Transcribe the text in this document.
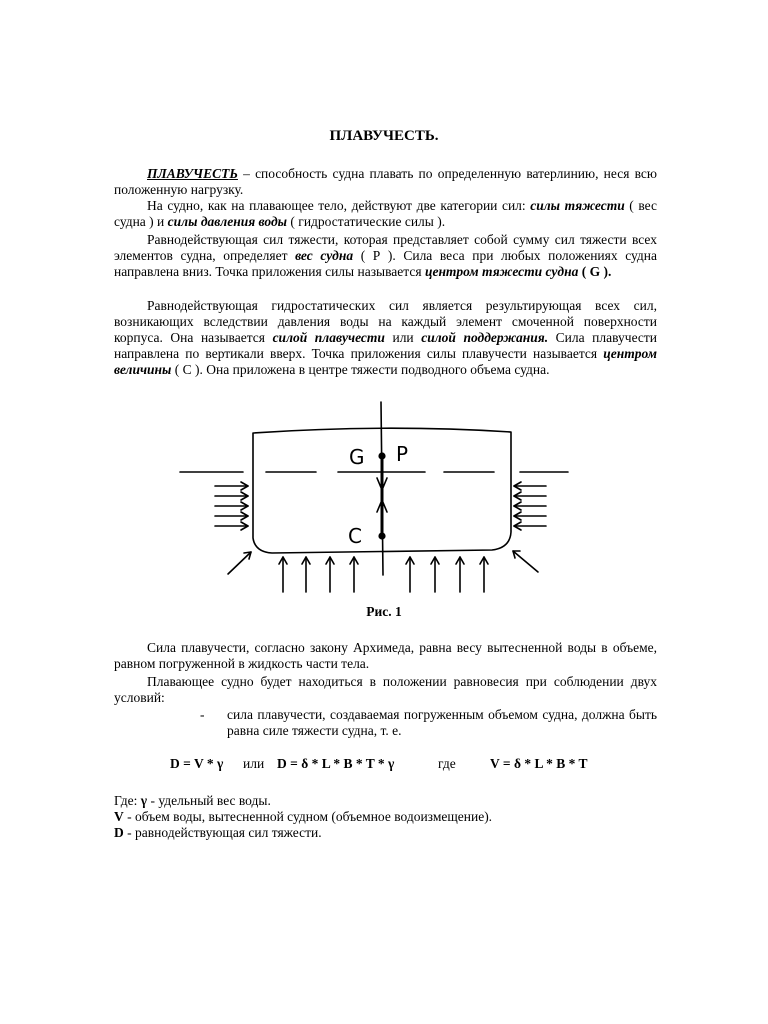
ПЛАВУЧЕСТЬ.
ПЛАВУЧЕСТЬ – способность судна плавать по определенную ватерлинию, неся всю положенную нагрузку.
На судно, как на плавающее тело, действуют две категории сил: силы тяжести ( вес судна ) и силы давления воды ( гидростатические силы ).
Равнодействующая сил тяжести, которая представляет собой сумму сил тяжести всех элементов судна, определяет вес судна ( Р ). Сила веса при любых положениях судна направлена вниз. Точка приложения силы называется центром тяжести судна ( G ).
Равнодействующая гидростатических сил является результирующая всех сил, возникающих вследствии давления воды на каждый элемент смоченной поверхности корпуса. Она называется силой плавучести или силой поддержания. Сила плавучести направлена по вертикали вверх. Точка приложения силы плавучести называется центром величины ( С ). Она приложена в центре тяжести подводного объема судна.
G P
C
Рис. 1
Сила плавучести, согласно закону Архимеда, равна весу вытесненной воды в объеме, равном погруженной в жидкость части тела.
Плавающее судно будет находиться в положении равновесия при соблюдении двух условий:
- сила плавучести, создаваемая погруженным объемом судна, должна быть равна силе тяжести судна, т. е.
D = V * γ или D = δ * L * B * T * γ	где	V = δ * L * B * T
Где: γ - удельный вес воды.
V - объем воды, вытесненной судном (объемное водоизмещение).
D - равнодействующая сил тяжести.
